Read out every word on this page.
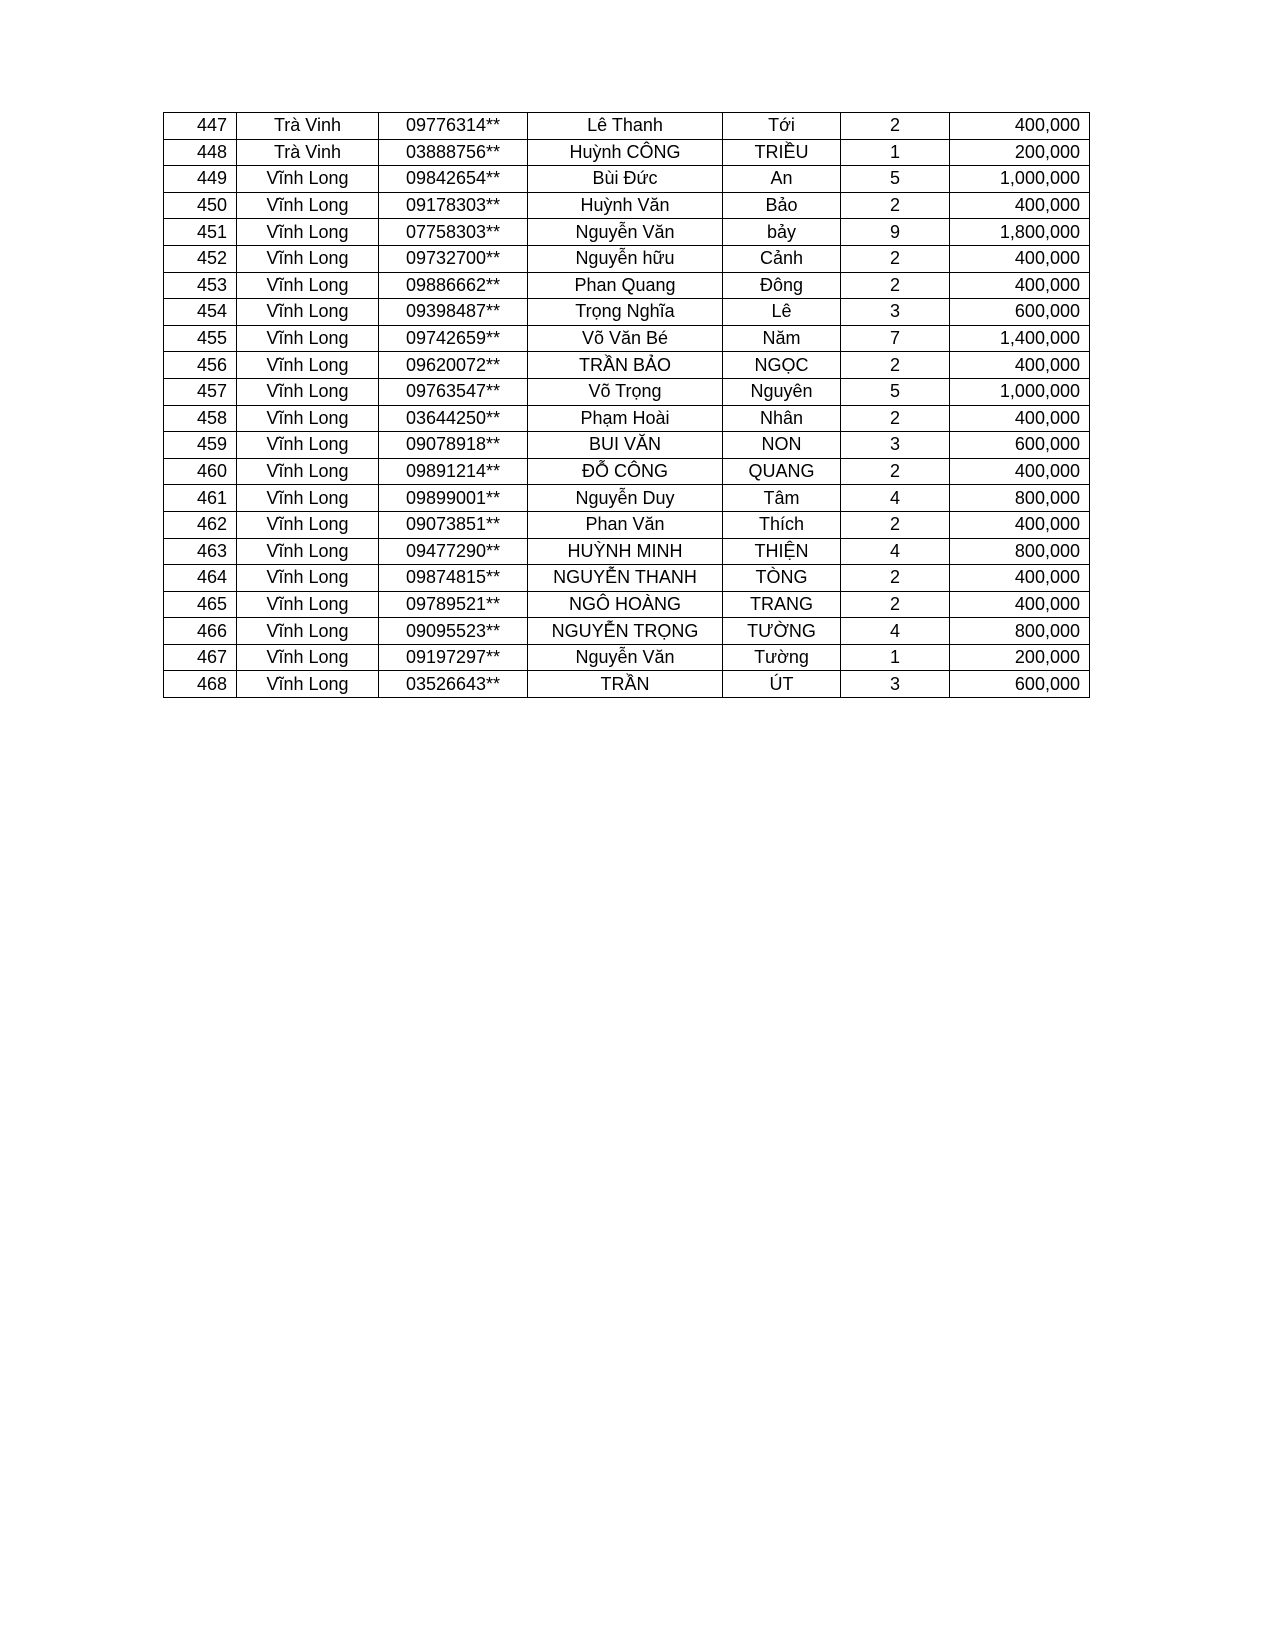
447	Trà Vinh	09776314**	Lê Thanh	Tới	2	400,000
448	Trà Vinh	03888756**	Huỳnh CÔNG	TRIỀU	1	200,000
449	Vĩnh Long	09842654**	Bùi Đức	An	5	1,000,000
450	Vĩnh Long	09178303**	Huỳnh Văn	Bảo	2	400,000
451	Vĩnh Long	07758303**	Nguyễn Văn	bảy	9	1,800,000
452	Vĩnh Long	09732700**	Nguyễn hữu	Cảnh	2	400,000
453	Vĩnh Long	09886662**	Phan Quang	Đông	2	400,000
454	Vĩnh Long	09398487**	Trọng Nghĩa	Lê	3	600,000
455	Vĩnh Long	09742659**	Võ Văn Bé	Năm	7	1,400,000
456	Vĩnh Long	09620072**	TRẦN BẢO	NGỌC	2	400,000
457	Vĩnh Long	09763547**	Võ Trọng	Nguyên	5	1,000,000
458	Vĩnh Long	03644250**	Phạm Hoài	Nhân	2	400,000
459	Vĩnh Long	09078918**	BUI VĂN	NON	3	600,000
460	Vĩnh Long	09891214**	ĐỖ CÔNG	QUANG	2	400,000
461	Vĩnh Long	09899001**	Nguyễn Duy	Tâm	4	800,000
462	Vĩnh Long	09073851**	Phan Văn	Thích	2	400,000
463	Vĩnh Long	09477290**	HUỲNH MINH	THIỆN	4	800,000
464	Vĩnh Long	09874815**	NGUYỄN THANH	TÒNG	2	400,000
465	Vĩnh Long	09789521**	NGÔ HOÀNG	TRANG	2	400,000
466	Vĩnh Long	09095523**	NGUYỄN TRỌNG	TƯỜNG	4	800,000
467	Vĩnh Long	09197297**	Nguyễn Văn	Tường	1	200,000
468	Vĩnh Long	03526643**	TRẦN	ÚT	3	600,000
